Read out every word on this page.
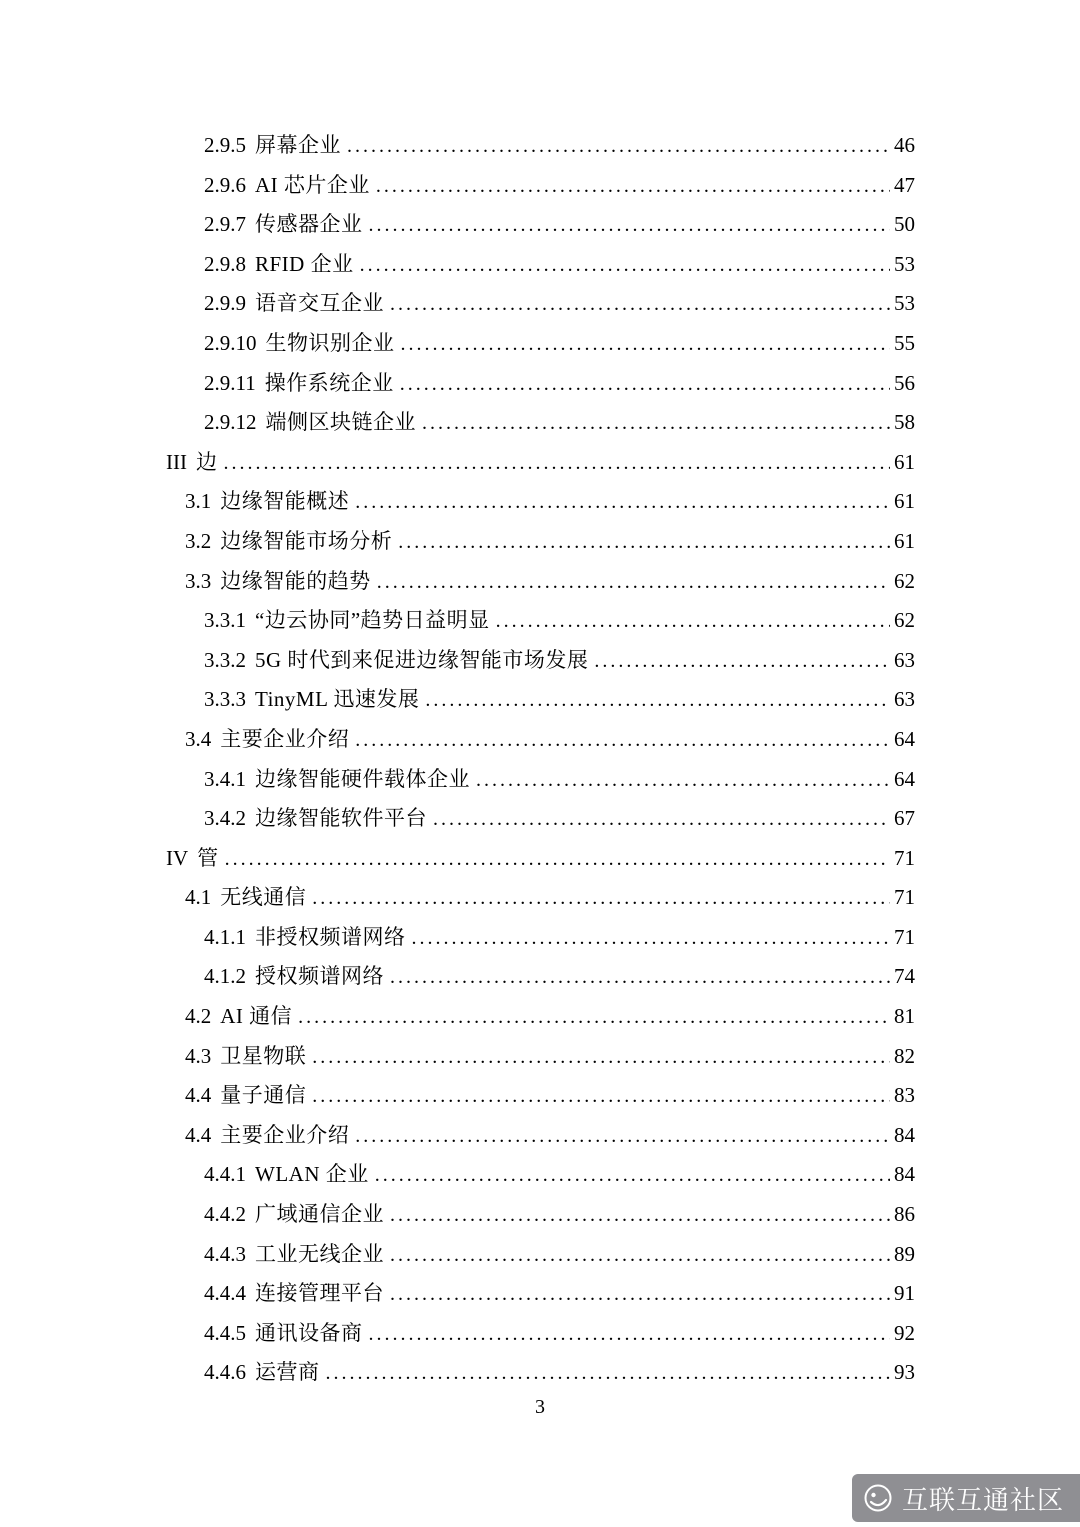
2.9.5 屏幕企业 .....	46
2.9.6 AI 芯片企业 .....	47
2.9.7 传感器企业 .....	50
2.9.8 RFID 企业 .....	53
2.9.9 语音交互企业 .....	53
2.9.10 生物识别企业 .....	55
2.9.11 操作系统企业 .....	56
2.9.12 端侧区块链企业 .....	58
III 边 .....	61
3.1 边缘智能概述 .....	61
3.2 边缘智能市场分析 .....	61
3.3 边缘智能的趋势 .....	62
3.3.1 “边云协同”趋势日益明显 .....	62
3.3.2 5G 时代到来促进边缘智能市场发展 .....	63
3.3.3 TinyML 迅速发展 .....	63
3.4 主要企业介绍 .....	64
3.4.1 边缘智能硬件载体企业 .....	64
3.4.2 边缘智能软件平台 .....	67
IV 管 .....	71
4.1 无线通信 .....	71
4.1.1 非授权频谱网络 .....	71
4.1.2 授权频谱网络 .....	74
4.2 AI 通信 .....	81
4.3 卫星物联 .....	82
4.4 量子通信 .....	83
4.4 主要企业介绍 .....	84
4.4.1 WLAN 企业 .....	84
4.4.2 广域通信企业 .....	86
4.4.3 工业无线企业 .....	89
4.4.4 连接管理平台 .....	91
4.4.5 通讯设备商 .....	92
4.4.6 运营商 .....	93
3
互联互通社区
